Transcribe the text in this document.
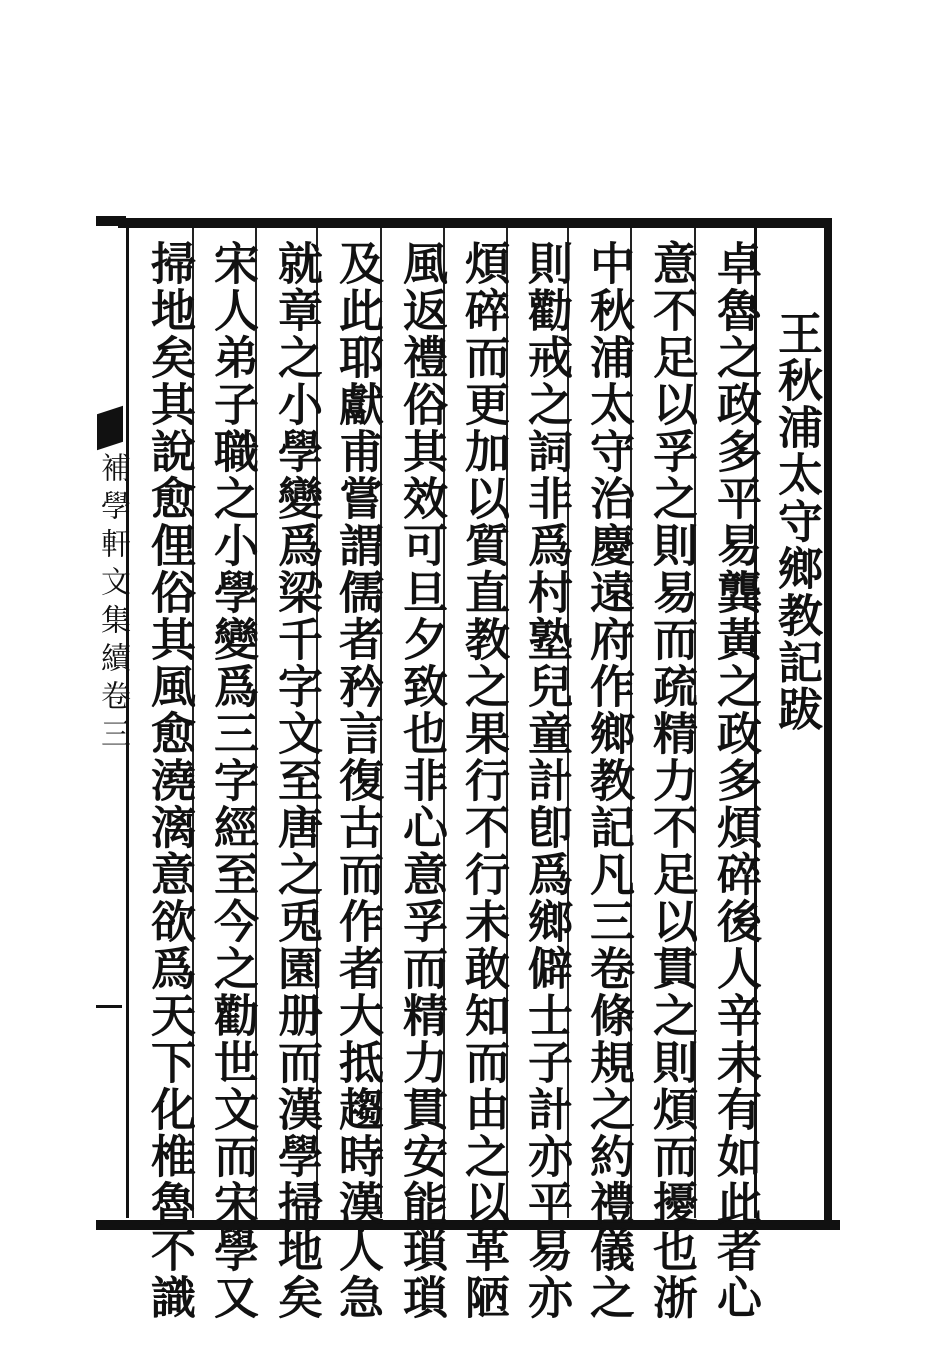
王秋浦太守鄉教記跋
卓魯之政多平易龔黃之政多煩碎後人辛未有如此者心
意不足以孚之則易而疏精力不足以貫之則煩而擾也浙
中秋浦太守治慶遠府作鄉教記凡三卷條規之約禮儀之
則勸戒之詞非爲村塾兒童計卽爲鄉僻士子計亦平易亦
煩碎而更加以質直教之果行不行未敢知而由之以革陋
風返禮俗其效可旦夕致也非心意孚而精力貫安能瑣瑣
及此耶獻甫嘗謂儒者矜言復古而作者大抵趨時漢人急
就章之小學變爲梁千字文至唐之兎園册而漢學掃地矣
宋人弟子職之小學變爲三字經至今之勸世文而宋學又
掃地矣其說愈俚俗其風愈澆漓意欲爲天下化椎魯不識
補學軒文集續卷三
